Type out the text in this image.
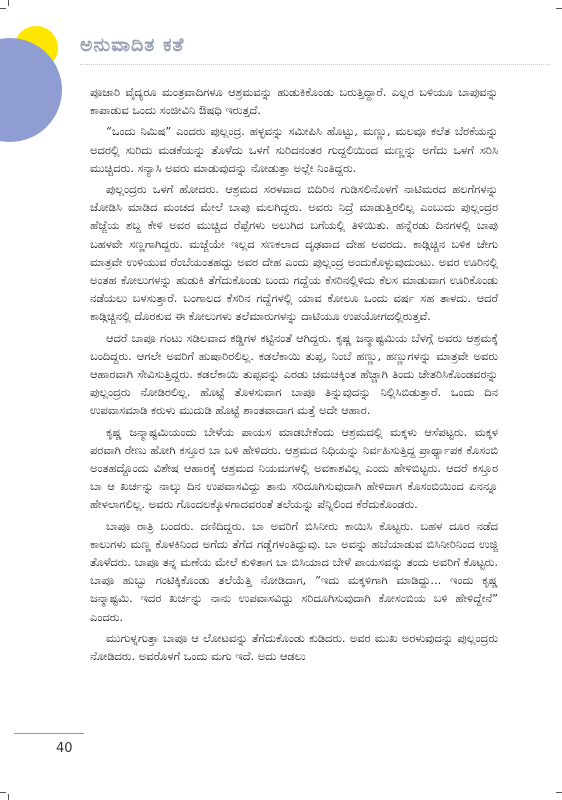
ಅನುವಾದಿತ ಕತೆ

ಪೂಜಾರಿ ವೈದ್ಯರೂ ಮಂತ್ರವಾದಿಗಳೂ ಆಶ್ರಮವನ್ನು ಹುಡುಕಿಕೊಂಡು ಬರುತ್ತಿದ್ದಾರೆ. ಎಲ್ಲರ ಬಳಿಯೂ ಬಾಪುವನ್ನು ಕಾಪಾಡುವ ಒಂದು ಸಂಜೀವಿನಿ ಔಷಧಿ ಇರುತ್ತದೆ.

“ಒಂದು ನಿಮಿಷ” ಎಂದರು ಪುಲ್ಲಂದ್ರ. ಹಳ್ಳವನ್ನು ಸಮೀಪಿಸಿ ಹೊಟ್ಟು, ಮಣ್ಣು, ಮಲವೂ ಕಲೆತ ಬೆರಕೆಯನ್ನು ಅದರಲ್ಲಿ ಸುರಿದು ಮಡಕೆಯನ್ನು ತೊಳೆದು ಒಳಗೆ ಸುರಿದನಂತರ ಗುದ್ದಲಿಯಿಂದ ಮಣ್ಣನ್ನು ಅಗೆದು ಒಳಗೆ ಸರಿಸಿ ಮುಚ್ಚಿದರು. ಸನ್ಯಾಸಿ ಅವರು ಮಾಡುವುದನ್ನು ನೋಡುತ್ತಾ ಅಲ್ಲೇ ನಿಂತಿದ್ದರು.

ಪುಲ್ಲಂದ್ರರು ಒಳಗೆ ಹೋದರು. ಆಶ್ರಮದ ಸರಳವಾದ ಬಿದಿರಿನ ಗುಡಿಸಲಿನೊಳಗೆ ನಾಟಿಮರದ ಹಲಗೆಗಳನ್ನು ಜೋಡಿಸಿ ಮಾಡಿದ ಮಂಚದ ಮೇಲೆ ಬಾಪು ಮಲಗಿದ್ದರು. ಅವರು ನಿದ್ರೆ ಮಾಡುತ್ತಿರಲಿಲ್ಲ ಎಂಬುದು ಪುಲ್ಲಂದ್ರರ ಹೆಜ್ಜೆಯ ಶಬ್ದ ಕೇಳಿ ಅವರ ಮುಚ್ಚಿದ ರೆಪ್ಪೆಗಳು ಅಲುಗಿದ ಬಗೆಯಲ್ಲಿ ತಿಳಿಯಿತು. ಹನ್ನೆರಡು ದಿನಗಳಲ್ಲಿ ಬಾಪು ಬಹಳವೇ ಸಣ್ಣಗಾಗಿದ್ದರು. ಮಜ್ಜೆಯೇ ಇಲ್ಲದ ಸಣಕಲಾದ ದೃಢವಾದ ದೇಹ ಅವರದು. ಕಾಡ್ಗಿಚ್ಚಿನ ಬಳಿಕ ಚೇಗು ಮಾತ್ರವೇ ಉಳಿಯುವ ರೆಂಬೆಯಂತಹದ್ದು ಅವರ ದೇಹ ಎಂದು ಪುಲ್ಲಂದ್ರ ಅಂದುಕೊಳ್ಳುವುದುಂಟು. ಅವರ ಊರಿನಲ್ಲಿ ಅಂತಹ ಕೋಲುಗಳನ್ನು ಹುಡುಕಿ ತೆಗೆದುಕೊಂಡು ಬಂದು ಗದ್ದೆಯ ಕೆಸರಿನಲ್ಲಿಳಿದು ಕೆಲಸ ಮಾಡುವಾಗ ಊರಿಕೊಂಡು ನಡೆಯಲು ಬಳಸುತ್ತಾರೆ. ಬಂಗಾಲದ ಕೆಸರಿನ ಗದ್ದೆಗಳಲ್ಲಿ ಯಾವ ಕೋಲೂ ಒಂದು ವರ್ಷ ಸಹ ತಾಳದು. ಆದರೆ ಕಾಡ್ಗಿಚ್ಚಿನಲ್ಲಿ ದೊರಕುವ ಈ ಕೋಲುಗಳು ತಲೆಮಾರುಗಳನ್ನು ದಾಟಿಯೂ ಉಪಯೋಗದಲ್ಲಿರುತ್ತವೆ.

ಆದರೆ ಬಾಪೂ ಗಂಟು ಸಡಿಲವಾದ ಕಡ್ಡಿಗಳ ಕಟ್ಟಿನಂತೆ ಆಗಿದ್ದರು. ಕೃಷ್ಣ ಜನ್ಮಾಷ್ಟಮಿಯ ಬೆಳಗ್ಗೆ ಅವರು ಆಶ್ರಮಕ್ಕೆ ಬಂದಿದ್ದರು. ಆಗಲೇ ಅವರಿಗೆ ಹುಷಾರಿರಲಿಲ್ಲ. ಕಡಲೆಕಾಯಿ ತುಪ್ಪ, ನಿಂಬೆ ಹಣ್ಣು, ಹಣ್ಣುಗಳನ್ನು ಮಾತ್ರವೇ ಅವರು ಆಹಾರವಾಗಿ ಸೇವಿಸುತ್ತಿದ್ದರು. ಕಡಲೆಕಾಯಿ ತುಪ್ಪವನ್ನು ಎರಡು ಚಮಚಕ್ಕಿಂತ ಹೆಚ್ಚಾಗಿ ತಿಂದು ಚೇತರಿಸಿಕೊಂಡವರನ್ನು ಪುಲ್ಲಂದ್ರರು ನೋಡಿರಲಿಲ್ಲ. ಹೊಟ್ಟೆ ತೊಳಸುವಾಗ ಬಾಪೂ ತಿನ್ನುವುದನ್ನು ನಿಲ್ಲಿಸಿಬಿಡುತ್ತಾರೆ. ಒಂದು ದಿನ ಉಪವಾಸಮಾಡಿ ಕರುಳು ಮುದುಡಿ ಹೊಟ್ಟೆ ಶಾಂತವಾದಾಗ ಮತ್ತೆ ಅದೇ ಆಹಾರ.

ಕೃಷ್ಣ ಜನ್ಮಾಷ್ಟಮಿಯಂದು ಬೇಳೆಯ ಪಾಯಸ ಮಾಡಬೇಕೆಂದು ಆಶ್ರಮದಲ್ಲಿ ಮಕ್ಕಳು ಆಸೆಪಟ್ಟರು. ಮಕ್ಕಳ ಪರವಾಗಿ ರೇಣು ಹೋಗಿ ಕಸ್ತೂರ ಬಾ ಬಳಿ ಹೇಳಿದರು. ಆಶ್ರಮದ ನಿಧಿಯನ್ನು ನಿರ್ವಹಿಸುತ್ತಿದ್ದ ಪ್ರಾರ್ಥ್ಯಾಪಕ ಕೊಸಂಬಿ ಅಂತಹದ್ದೊಂದು ವಿಶೇಷ ಆಹಾರಕ್ಕೆ ಆಶ್ರಮದ ನಿಯಮಗಳಲ್ಲಿ ಅವಕಾಶವಿಲ್ಲ ಎಂದು ಹೇಳಿಬಿಟ್ಟರು. ಆದರೆ ಕಸ್ತೂರ ಬಾ ಆ ಖರ್ಚನ್ನು ನಾಲ್ಕು ದಿನ ಉಪವಾಸವಿದ್ದು ತಾನು ಸರಿದೂಗಿಸುವುದಾಗಿ ಹೇಳಿದಾಗ ಕೊಸಂಬಿಯಿಂದ ಏನನ್ನೂ ಹೇಳಲಾಗಲಿಲ್ಲ. ಅವರು ಗೊಂದಲಕ್ಕೊಳಗಾದವರಂತೆ ತಲೆಯನ್ನು ಪೆನ್ನಿಲಿಂದ ಕೆರೆದುಕೊಂಡರು.

ಬಾಪೂ ರಾತ್ರಿ ಬಂದರು. ದಣಿದಿದ್ದರು. ಬಾ ಅವರಿಗೆ ಬಿಸಿನೀರು ಕಾಯಿಸಿ ಕೊಟ್ಟರು. ಬಹಳ ದೂರ ನಡೆದ ಕಾಲುಗಳು ಮಣ್ಣ ಕೊಳಕಿನಿಂದ ಅಗೆದು ತೆಗೆದ ಗಡ್ಡೆಗಳಂತಿದ್ದುವು. ಬಾ ಅವನ್ನು ಹಬೆಯಾಡುವ ಬಿಸಿನೀರಿನಿಂದ ಉಜ್ಜಿ ತೊಳೆದರು. ಬಾಪೂ ತನ್ನ ಮಣೆಯ ಮೇಲೆ ಕುಳಿತಾಗ ಬಾ ಬಿಸಿಯಾದ ಬೇಳೆ ಪಾಯಸವನ್ನು ತಂದು ಅವರಿಗೆ ಕೊಟ್ಟರು. ಬಾಪೂ ಹುಬ್ಬು ಗಂಟಿಕ್ಕಿಕೊಂಡು ತಲೆಯೆತ್ತಿ ನೋಡಿದಾಗ, “ಇದು ಮಕ್ಕಳಿಗಾಗಿ ಮಾಡಿದ್ದು... ಇಂದು ಕೃಷ್ಣ ಜನ್ಮಾಷ್ಟಮಿ. ಇದರ ಖರ್ಚನ್ನು ನಾನು ಉಪವಾಸವಿದ್ದು ಸರಿದೂಗಿಸುವುದಾಗಿ ಕೋಸಂಬಿಯ ಬಳಿ ಹೇಳಿದ್ದೇನೆ” ಎಂದರು.

ಮುಗುಳ್ನಗುತ್ತಾ ಬಾಪೂ ಆ ಲೋಟವನ್ನು ತೆಗೆದುಕೊಂಡು ಕುಡಿದರು. ಅವರ ಮುಖ ಅರಳುವುದನ್ನು ಪುಲ್ಲಂದ್ರರು ನೋಡಿದರು. ಅವರೊಳಗೆ ಒಂದು ಮಗು ಇದೆ. ಅದು ಆಡಲು

40
